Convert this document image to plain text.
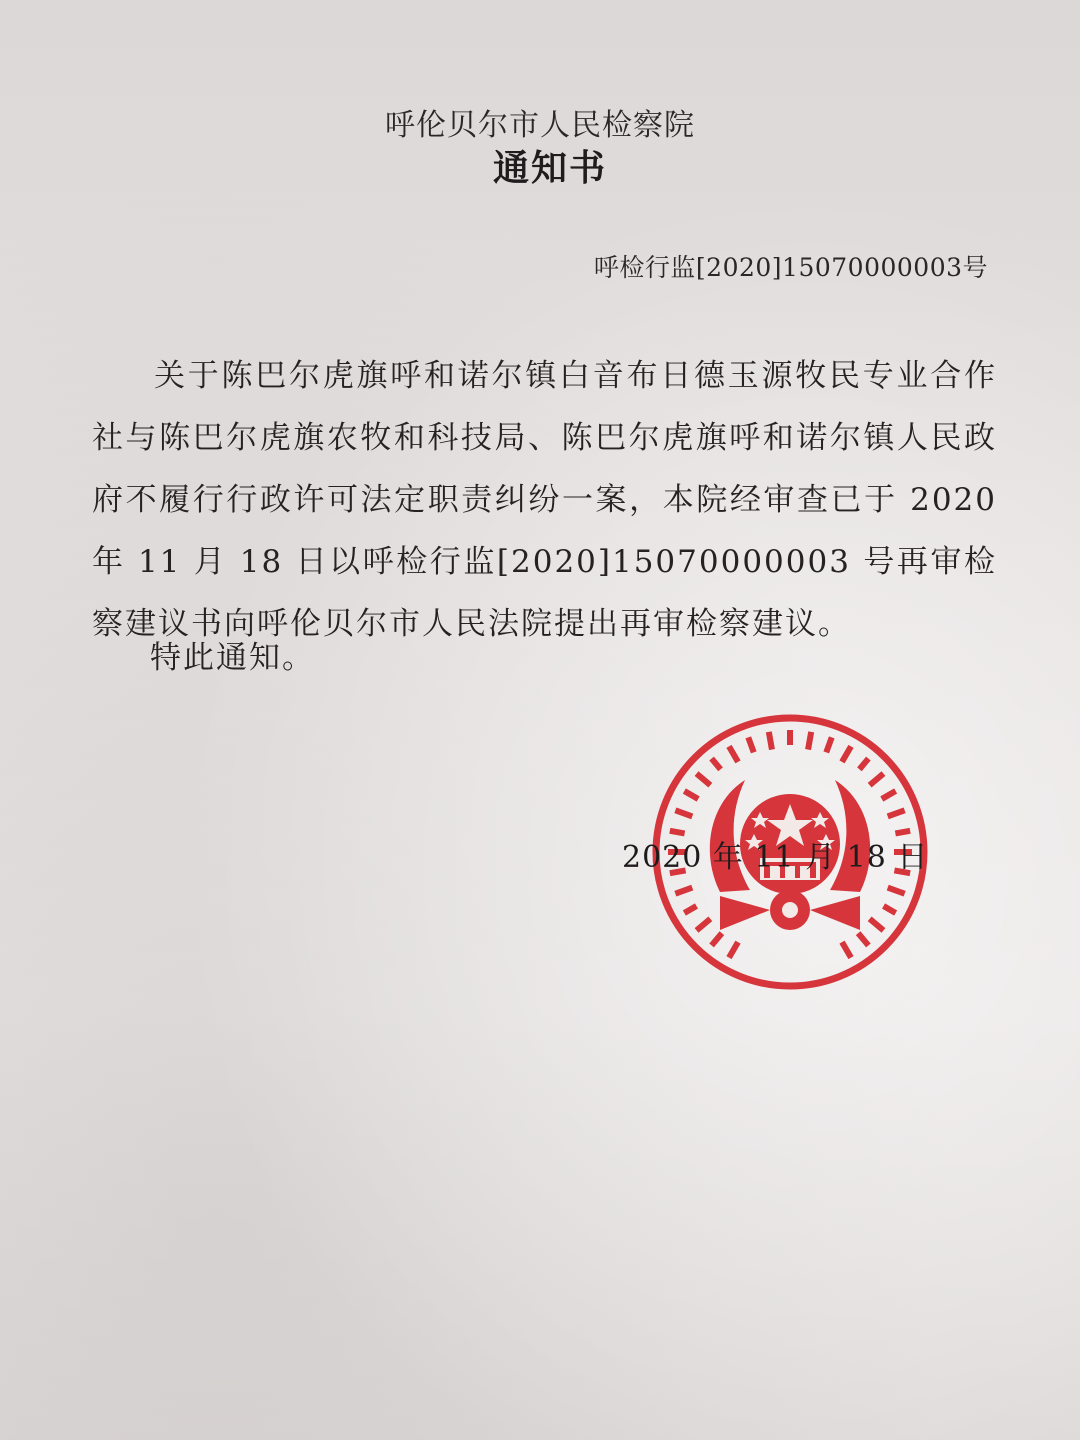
呼伦贝尔市人民检察院
通知书
呼检行监[2020]15070000003号

关于陈巴尔虎旗呼和诺尔镇白音布日德玉源牧民专业合作社与陈巴尔虎旗农牧和科技局、陈巴尔虎旗呼和诺尔镇人民政府不履行行政许可法定职责纠纷一案，本院经审查已于 2020 年 11 月 18 日以呼检行监[2020]15070000003 号再审检察建议书向呼伦贝尔市人民法院提出再审检察建议。

特此通知。
2020 年 11 月 18 日
